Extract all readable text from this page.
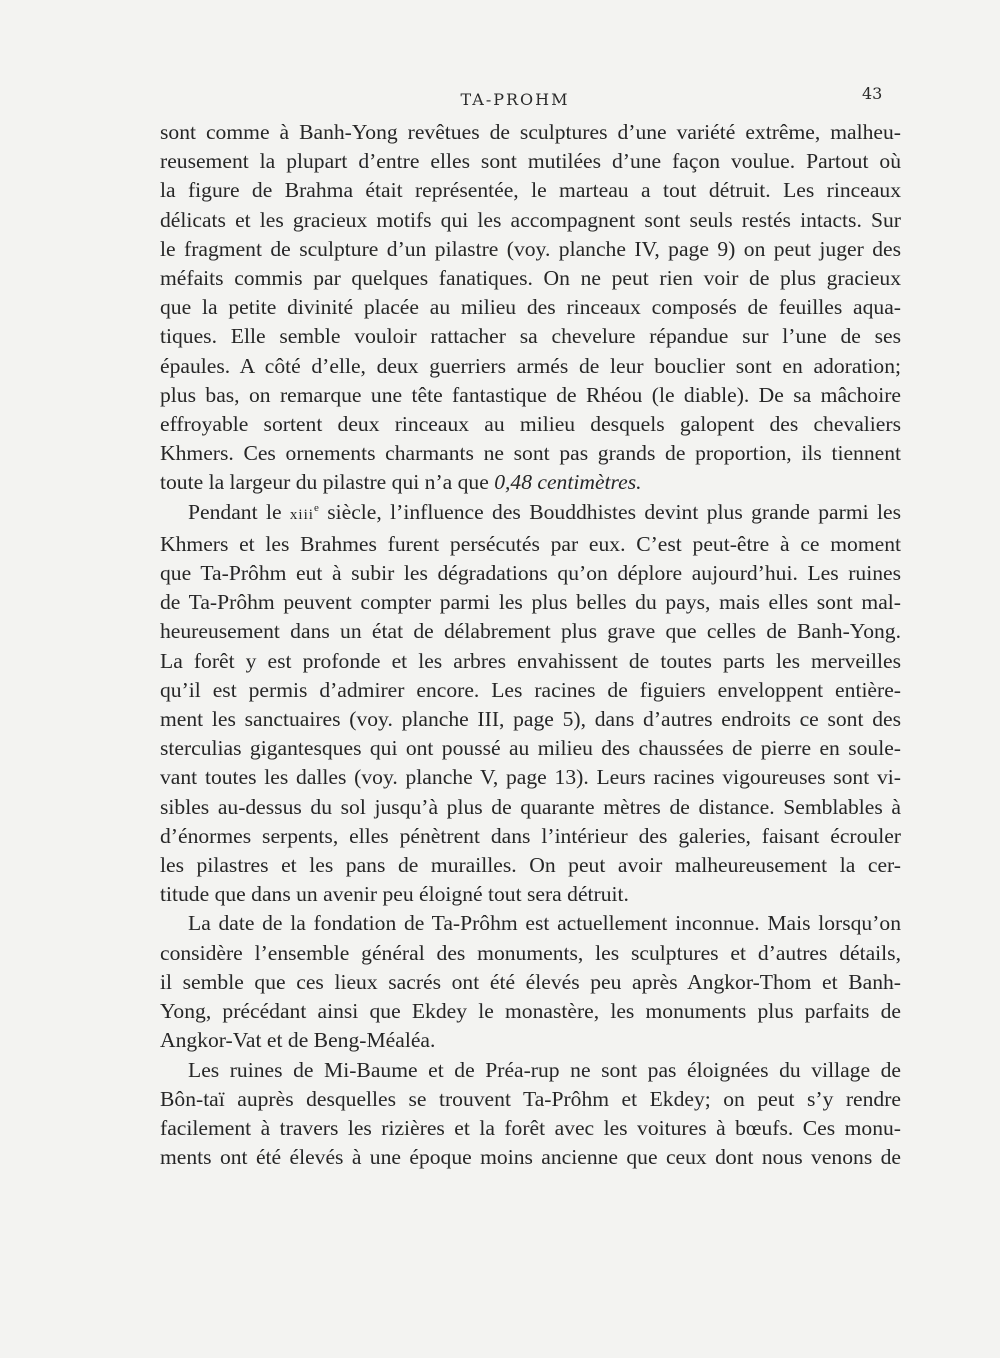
TA-PROHM	43
sont comme à Banh-Yong revêtues de sculptures d’une variété extrême, malheu-
reusement la plupart d’entre elles sont mutilées d’une façon voulue. Partout où
la figure de Brahma était représentée, le marteau a tout détruit. Les rinceaux
délicats et les gracieux motifs qui les accompagnent sont seuls restés intacts. Sur
le fragment de sculpture d’un pilastre (voy. planche IV, page 9) on peut juger des
méfaits commis par quelques fanatiques. On ne peut rien voir de plus gracieux
que la petite divinité placée au milieu des rinceaux composés de feuilles aqua-
tiques. Elle semble vouloir rattacher sa chevelure répandue sur l’une de ses
épaules. A côté d’elle, deux guerriers armés de leur bouclier sont en adoration;
plus bas, on remarque une tête fantastique de Rhéou (le diable). De sa mâchoire
effroyable sortent deux rinceaux au milieu desquels galopent des chevaliers
Khmers. Ces ornements charmants ne sont pas grands de proportion, ils tiennent
toute la largeur du pilastre qui n’a que 0,48 centimètres.
Pendant le xiii$^e$ siècle, l’influence des Bouddhistes devint plus grande parmi les
Khmers et les Brahmes furent persécutés par eux. C’est peut-être à ce moment
que Ta-Prôhm eut à subir les dégradations qu’on déplore aujourd’hui. Les ruines
de Ta-Prôhm peuvent compter parmi les plus belles du pays, mais elles sont mal-
heureusement dans un état de délabrement plus grave que celles de Banh-Yong.
La forêt y est profonde et les arbres envahissent de toutes parts les merveilles
qu’il est permis d’admirer encore. Les racines de figuiers enveloppent entière-
ment les sanctuaires (voy. planche III, page 5), dans d’autres endroits ce sont des
sterculias gigantesques qui ont poussé au milieu des chaussées de pierre en soule-
vant toutes les dalles (voy. planche V, page 13). Leurs racines vigoureuses sont vi-
sibles au-dessus du sol jusqu’à plus de quarante mètres de distance. Semblables à
d’énormes serpents, elles pénètrent dans l’intérieur des galeries, faisant écrouler
les pilastres et les pans de murailles. On peut avoir malheureusement la cer-
titude que dans un avenir peu éloigné tout sera détruit.
La date de la fondation de Ta-Prôhm est actuellement inconnue. Mais lorsqu’on
considère l’ensemble général des monuments, les sculptures et d’autres détails,
il semble que ces lieux sacrés ont été élevés peu après Angkor-Thom et Banh-
Yong, précédant ainsi que Ekdey le monastère, les monuments plus parfaits de
Angkor-Vat et de Beng-Méaléa.
Les ruines de Mi-Baume et de Préa-rup ne sont pas éloignées du village de
Bôn-taï auprès desquelles se trouvent Ta-Prôhm et Ekdey; on peut s’y rendre
facilement à travers les rizières et la forêt avec les voitures à bœufs. Ces monu-
ments ont été élevés à une époque moins ancienne que ceux dont nous venons de
